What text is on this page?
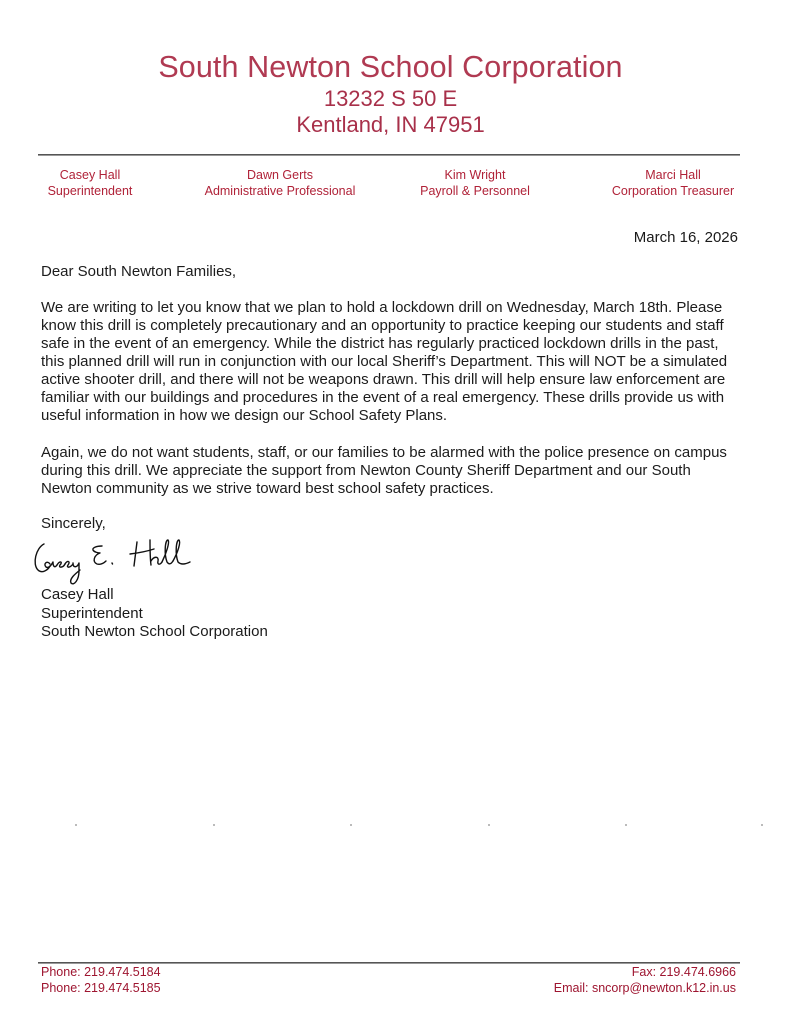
South Newton School Corporation
13232 S 50 E
Kentland, IN 47951
Casey Hall
Superintendent
Dawn Gerts
Administrative Professional
Kim Wright
Payroll & Personnel
Marci Hall
Corporation Treasurer
March 16, 2026

Dear South Newton Families,

We are writing to let you know that we plan to hold a lockdown drill on Wednesday, March 18th. Please know this drill is completely precautionary and an opportunity to practice keeping our students and staff safe in the event of an emergency. While the district has regularly practiced lockdown drills in the past, this planned drill will run in conjunction with our local Sheriff’s Department. This will NOT be a simulated active shooter drill, and there will not be weapons drawn. This drill will help ensure law enforcement are familiar with our buildings and procedures in the event of a real emergency. These drills provide us with useful information in how we design our School Safety Plans.

Again, we do not want students, staff, or our families to be alarmed with the police presence on campus during this drill. We appreciate the support from Newton County Sheriff Department and our South Newton community as we strive toward best school safety practices.

Sincerely,

Casey Hall
Superintendent
South Newton School Corporation
Phone: 219.474.5184
Phone: 219.474.5185
Fax: 219.474.6966
Email: sncorp@newton.k12.in.us
